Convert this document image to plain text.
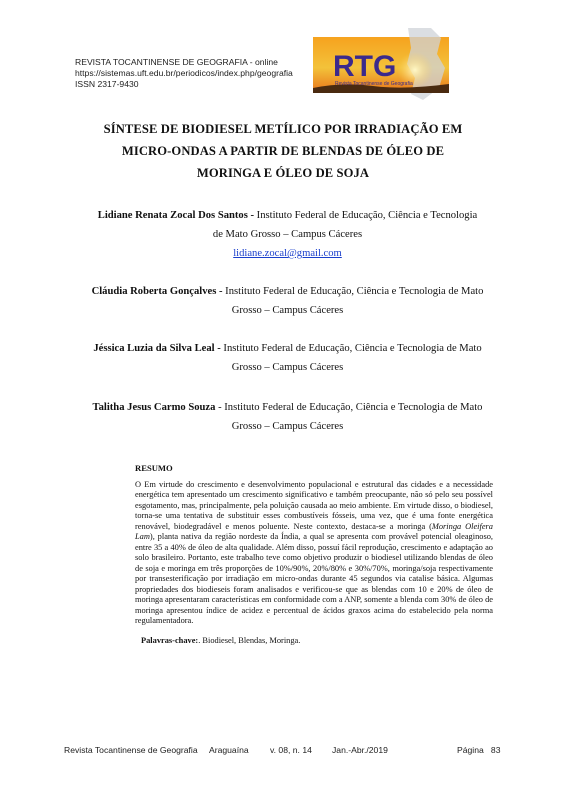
REVISTA TOCANTINENSE DE GEOGRAFIA - online
https://sistemas.uft.edu.br/periodicos/index.php/geografia
ISSN 2317-9430
RTG
Revista Tocantinense de Geografia
SÍNTESE DE BIODIESEL METÍLICO POR IRRADIAÇÃO EM
MICRO-ONDAS A PARTIR DE BLENDAS DE ÓLEO DE
MORINGA E ÓLEO DE SOJA
Lidiane Renata Zocal Dos Santos - Instituto Federal de Educação, Ciência e Tecnologia
de Mato Grosso – Campus Cáceres
lidiane.zocal@gmail.com
Cláudia Roberta Gonçalves - Instituto Federal de Educação, Ciência e Tecnologia de Mato
Grosso – Campus Cáceres
Jéssica Luzia da Silva Leal - Instituto Federal de Educação, Ciência e Tecnologia de Mato
Grosso – Campus Cáceres
Talitha Jesus Carmo Souza - Instituto Federal de Educação, Ciência e Tecnologia de Mato
Grosso – Campus Cáceres
RESUMO

O Em virtude do crescimento e desenvolvimento populacional e estrutural das cidades e a necessidade energética tem apresentado um crescimento significativo e também preocupante, não só pelo seu possível esgotamento, mas, principalmente, pela poluição causada ao meio ambiente. Em virtude disso, o biodiesel, torna-se uma tentativa de substituir esses combustíveis fósseis, uma vez, que é uma fonte energética renovável, biodegradável e menos poluente. Neste contexto, destaca-se a moringa (Moringa Oleifera Lam), planta nativa da região nordeste da Índia, a qual se apresenta com provável potencial oleaginoso, entre 35 a 40% de óleo de alta qualidade. Além disso, possuí fácil reprodução, crescimento e adaptação ao solo brasileiro. Portanto, este trabalho teve como objetivo produzir o biodiesel utilizando blendas de óleo de soja e moringa em três proporções de 10%/90%, 20%/80% e 30%/70%, moringa/soja respectivamente por transesterificação por irradiação em micro-ondas durante 45 segundos via catalise básica. Algumas propriedades dos biodieseis foram analisados e verificou-se que as blendas com 10 e 20% de óleo de moringa apresentaram características em conformidade com a ANP, somente a blenda com 30% de óleo de moringa apresentou índice de acidez e percentual de ácidos graxos acima do estabelecido pela norma regulamentadora.

Palavras-chave:. Biodiesel, Blendas, Moringa.
Revista Tocantinense de Geografia Araguaína v. 08, n. 14 Jan.-Abr./2019	Página   83
